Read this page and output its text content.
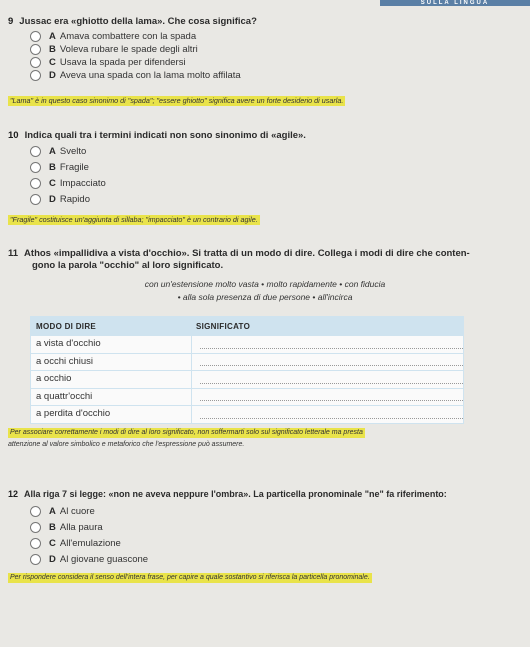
SULLA LINGUA
9 Jussac era «ghiotto della lama». Che cosa significa?
A Amava combattere con la spada
B Voleva rubare le spade degli altri
C Usava la spada per difendersi
D Aveva una spada con la lama molto affilata
"Lama" è in questo caso sinonimo di "spada"; "essere ghiotto" significa avere un forte desiderio di usarla.
10 Indica quali tra i termini indicati non sono sinonimo di «agile».
A Svelto
B Fragile
C Impacciato
D Rapido
"Fragile" costituisce un'aggiunta di sillaba; "impacciato" è un contrario di agile.
11 Athos «impallidiva a vista d'occhio». Si tratta di un modo di dire. Collega i modi di dire che conten-
gono la parola "occhio" al loro significato.
con un'estensione molto vasta • molto rapidamente • con fiducia
• alla sola presenza di due persone • all'incirca
MODO DI DIRE	SIGNIFICATO
a vista d'occhio
a occhi chiusi
a occhio
a quattr'occhi
a perdita d'occhio
Per associare correttamente i modi di dire al loro significato, non soffermarti solo sul significato letterale ma presta
attenzione al valore simbolico e metaforico che l'espressione può assumere.
12 Alla riga 7 si legge: «non ne aveva neppure l'ombra». La particella pronominale "ne" fa riferimento:
A Al cuore
B Alla paura
C All'emulazione
D Al giovane guascone
Per rispondere considera il senso dell'intera frase, per capire a quale sostantivo si riferisca la particella pronominale.
